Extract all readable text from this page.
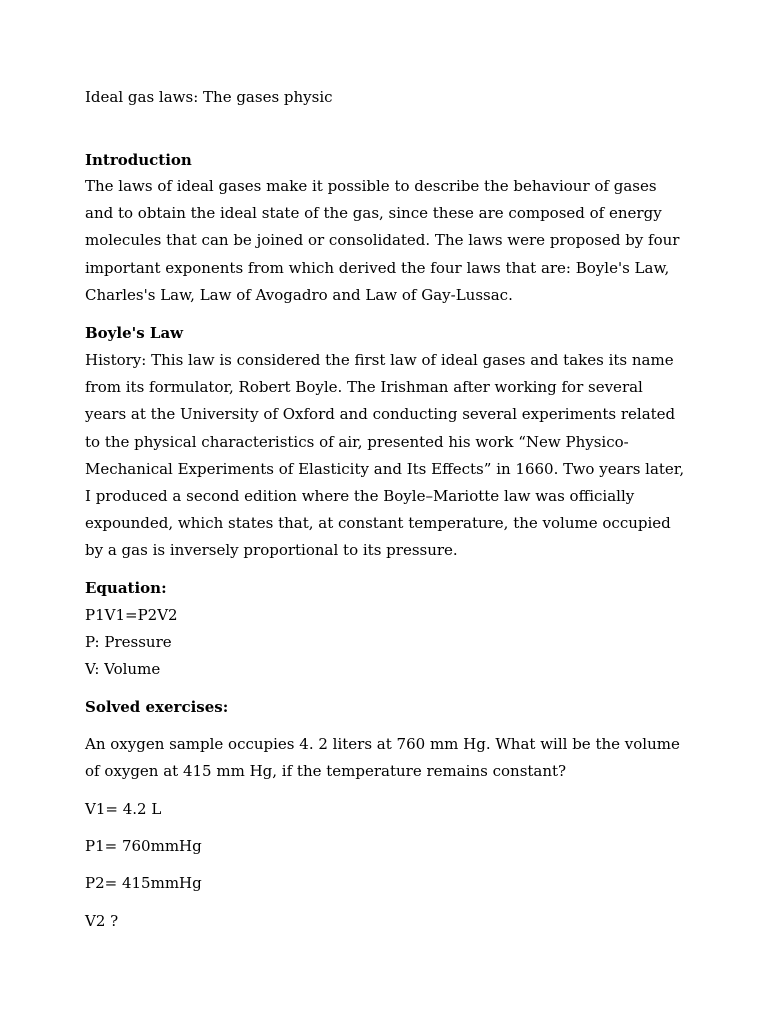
Ideal gas laws: The gases physic
Introduction
The laws of ideal gases make it possible to describe the behaviour of gases and to obtain the ideal state of the gas, since these are composed of energy molecules that can be joined or consolidated. The laws were proposed by four important exponents from which derived the four laws that are: Boyle's Law, Charles's Law, Law of Avogadro and Law of Gay-Lussac.
Boyle's Law
History: This law is considered the first law of ideal gases and takes its name from its formulator, Robert Boyle. The Irishman after working for several years at the University of Oxford and conducting several experiments related to the physical characteristics of air, presented his work “New Physico-Mechanical Experiments of Elasticity and Its Effects” in 1660. Two years later, I produced a second edition where the Boyle–Mariotte law was officially expounded, which states that, at constant temperature, the volume occupied by a gas is inversely proportional to its pressure.
Equation:
P1V1=P2V2
P: Pressure
V: Volume
Solved exercises:
An oxygen sample occupies 4. 2 liters at 760 mm Hg. What will be the volume of oxygen at 415 mm Hg, if the temperature remains constant?
V1= 4.2 L
P1= 760mmHg
P2= 415mmHg
V2 ?
